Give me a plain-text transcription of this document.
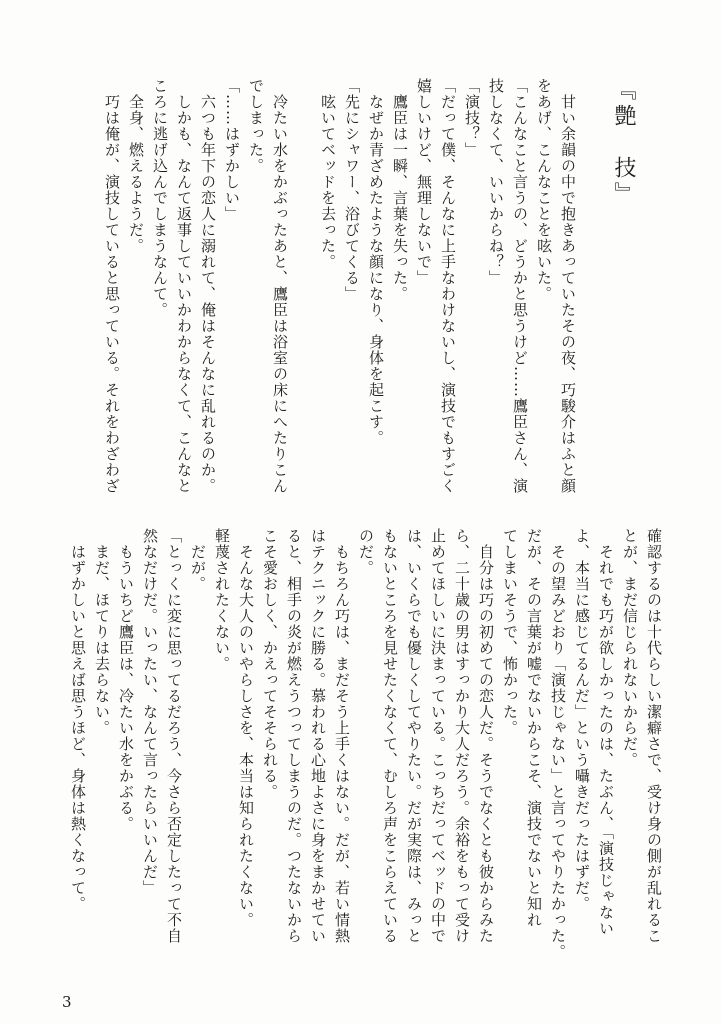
『艶　技』
　甘い余韻の中で抱きあっていたその夜、巧駿介はふと顔
をあげ、こんなことを呟いた。
「こんなこと言うの、どうかと思うけど……鷹臣さん、演
技しなくて、いいからね？」
「演技？」
「だって僕、そんなに上手なわけないし、演技でもすごく
嬉しいけど、無理しないで」
　鷹臣は一瞬、言葉を失った。
　なぜか青ざめたような顔になり、身体を起こす。
「先にシャワー、浴びてくる」
　呟いてベッドを去った。

　冷たい水をかぶったあと、鷹臣は浴室の床にへたりこん
でしまった。
「……はずかしい」
　六つも年下の恋人に溺れて、俺はそんなに乱れるのか。
　しかも、なんて返事していいかわからなくて、こんなと
ころに逃げ込んでしまうなんて。
　全身、燃えるようだ。
　巧は俺が、演技していると思っている。それをわざわざ
確認するのは十代らしい潔癖さで、受け身の側が乱れるこ
とが、まだ信じられないからだ。
　それでも巧が欲しかったのは、たぶん、「演技じゃない
よ、本当に感じてるんだ」という囁きだったはずだ。
　その望みどおり「演技じゃない」と言ってやりたかった。
だが、その言葉が嘘でないからこそ、演技でないと知れ
てしまいそうで、怖かった。
　自分は巧の初めての恋人だ。そうでなくとも彼からみた
ら、二十歳の男はすっかり大人だろう。余裕をもって受け
止めてほしいに決まっている。こっちだってベッドの中で
は、いくらでも優しくしてやりたい。だが実際は、みっと
もないところを見せたくなくて、むしろ声をこらえている
のだ。
　もちろん巧は、まだそう上手くはない。だが、若い情熱
はテクニックに勝る。慕われる心地よさに身をまかせてい
ると、相手の炎が燃えうつってしまうのだ。つたないから
こそ愛おしく、かえってそそられる。
　そんな大人のいやらしさを、本当は知られたくない。
軽蔑されたくない。
　だが。
「とっくに変に思ってるだろう、今さら否定したって不自
然なだけだ。いったい、なんて言ったらいいんだ」
　もういちど鷹臣は、冷たい水をかぶる。
　まだ、ほてりは去らない。
　はずかしいと思えば思うほど、身体は熱くなって。
3
